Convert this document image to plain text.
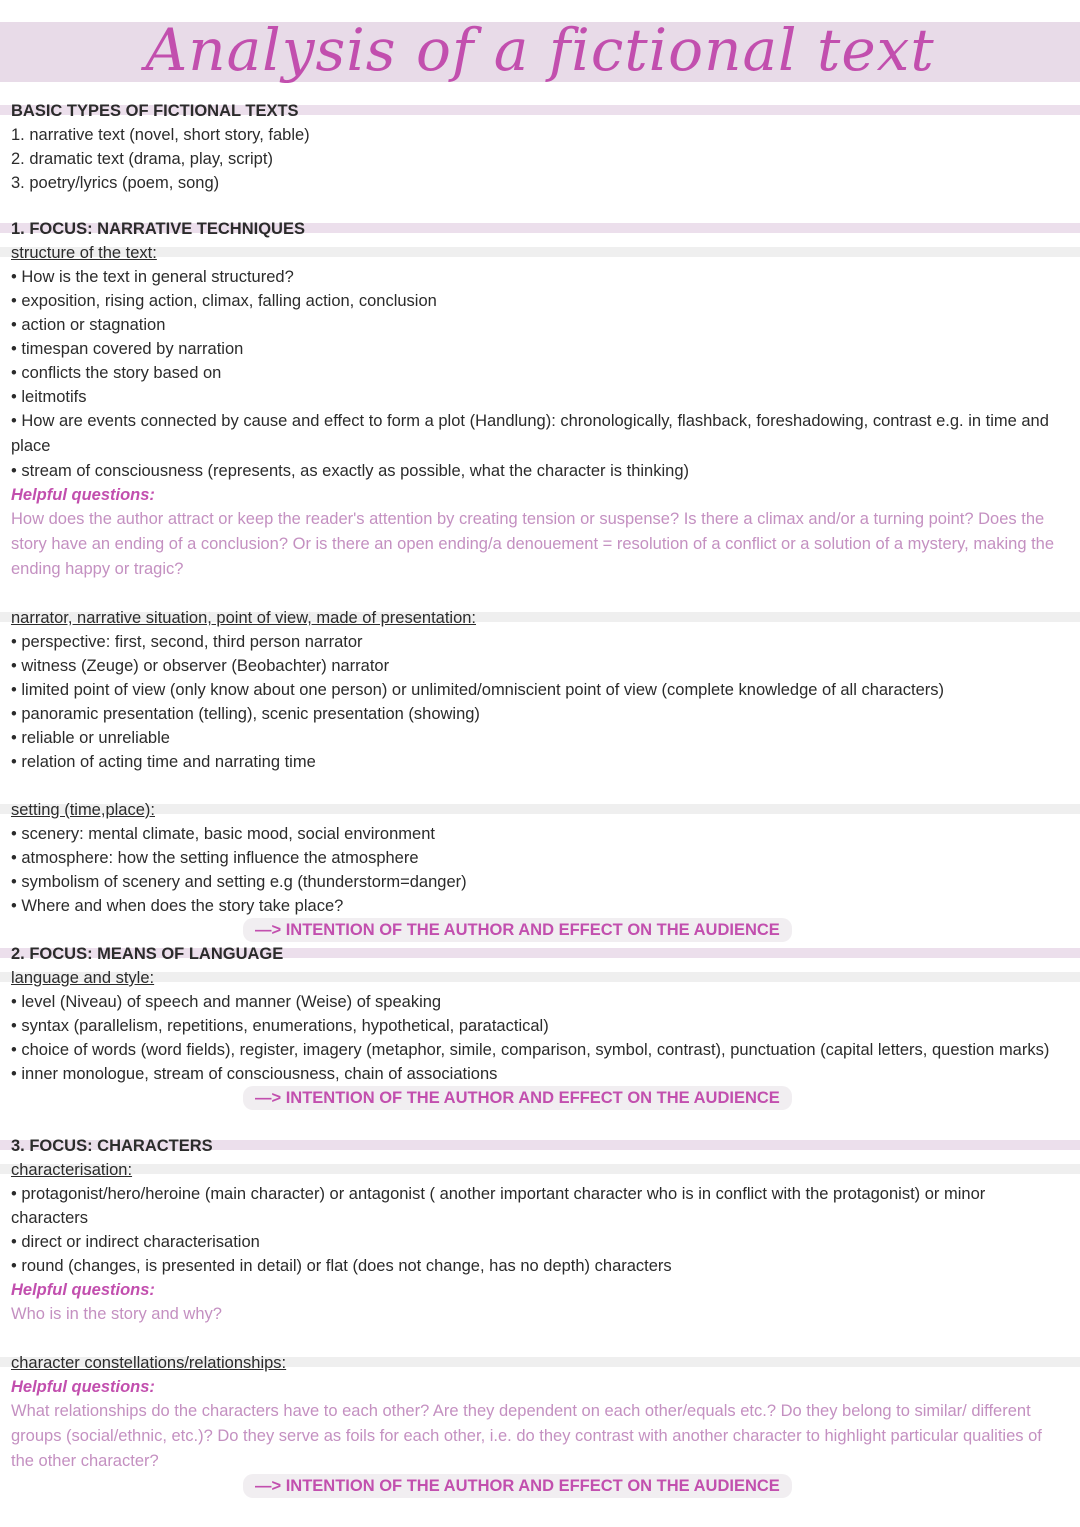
Analysis of a fictional text
BASIC TYPES OF FICTIONAL TEXTS
1. narrative text (novel, short story, fable)
2. dramatic text (drama, play, script)
3. poetry/lyrics (poem, song)
1. FOCUS: NARRATIVE TECHNIQUES
structure of the text:
• How is the text in general structured?
• exposition, rising action, climax, falling action, conclusion
• action or stagnation
• timespan covered by narration
• conflicts the story based on
• leitmotifs
• How are events connected by cause and effect to form a plot (Handlung): chronologically, flashback, foreshadowing, contrast e.g. in time and place
• stream of consciousness (represents, as exactly as possible, what the character is thinking)
Helpful questions:
How does the author attract or keep the reader's attention by creating tension or suspense? Is there a climax and/or a turning point? Does the story have an ending of a conclusion? Or is there an open ending/a denouement = resolution of a conflict or a solution of a mystery, making the ending happy or tragic?
narrator, narrative situation, point of view, made of presentation:
• perspective: first, second, third person narrator
• witness (Zeuge) or observer (Beobachter) narrator
• limited point of view (only know about one person) or unlimited/omniscient point of view (complete knowledge of all characters)
• panoramic presentation (telling), scenic presentation (showing)
• reliable or unreliable
• relation of acting time and narrating time
setting (time,place):
• scenery: mental climate, basic mood, social environment
• atmosphere: how the setting influence the atmosphere
• symbolism of scenery and setting e.g (thunderstorm=danger)
• Where and when does the story take place?
—> INTENTION OF THE AUTHOR AND EFFECT ON THE AUDIENCE
2. FOCUS: MEANS OF LANGUAGE
language and style:
• level (Niveau) of speech and manner (Weise) of speaking
• syntax (parallelism, repetitions, enumerations, hypothetical, paratactical)
• choice of words (word fields), register, imagery (metaphor, simile, comparison, symbol, contrast), punctuation (capital letters, question marks)
• inner monologue, stream of consciousness, chain of associations
—> INTENTION OF THE AUTHOR AND EFFECT ON THE AUDIENCE
3. FOCUS: CHARACTERS
characterisation:
• protagonist/hero/heroine (main character) or antagonist ( another important character who is in conflict with the protagonist) or minor characters
• direct or indirect characterisation
• round (changes, is presented in detail) or flat (does not change, has no depth) characters
Helpful questions:
Who is in the story and why?
character constellations/relationships:
Helpful questions:
What relationships do the characters have to each other? Are they dependent on each other/equals etc.? Do they belong to similar/ different groups (social/ethnic, etc.)? Do they serve as foils for each other, i.e. do they contrast with another character to highlight particular qualities of the other character?
—> INTENTION OF THE AUTHOR AND EFFECT ON THE AUDIENCE
